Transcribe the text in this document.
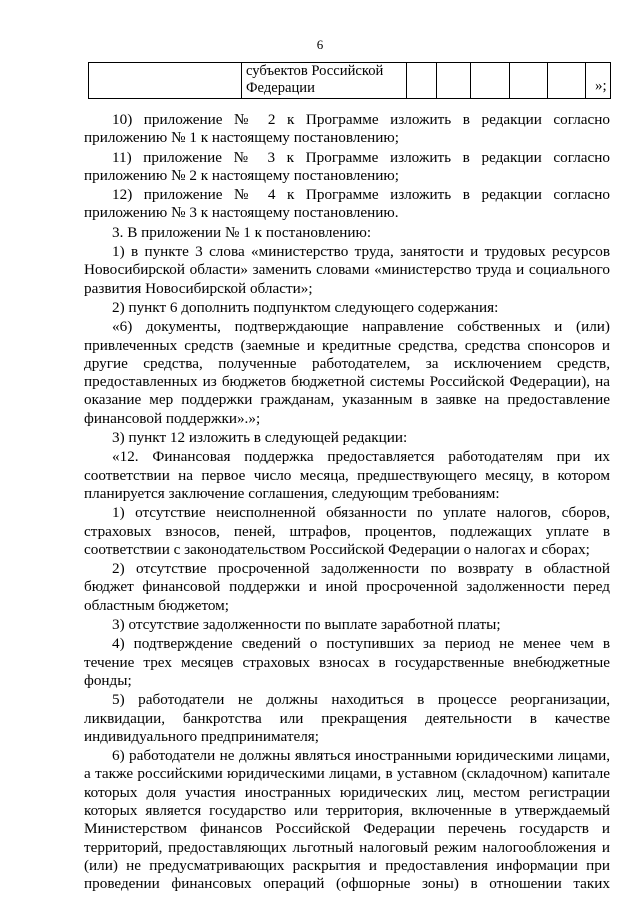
6
	субъектов Российской Федерации							»;

10) приложение № 2 к Программе изложить в редакции согласно приложению № 1 к настоящему постановлению;

11) приложение № 3 к Программе изложить в редакции согласно приложению № 2 к настоящему постановлению;

12) приложение № 4 к Программе изложить в редакции согласно приложению № 3 к настоящему постановлению.

3. В приложении № 1 к постановлению:

1) в пункте 3 слова «министерство труда, занятости и трудовых ресурсов Новосибирской области» заменить словами «министерство труда и социального развития Новосибирской области»;

2) пункт 6 дополнить подпунктом следующего содержания:

«6) документы, подтверждающие направление собственных и (или) привлеченных средств (заемные и кредитные средства, средства спонсоров и другие средства, полученные работодателем, за исключением средств, предоставленных из бюджетов бюджетной системы Российской Федерации), на оказание мер поддержки гражданам, указанным в заявке на предоставление финансовой поддержки».»;

3) пункт 12 изложить в следующей редакции:

«12. Финансовая поддержка предоставляется работодателям при их соответствии на первое число месяца, предшествующего месяцу, в котором планируется заключение соглашения, следующим требованиям:

1) отсутствие неисполненной обязанности по уплате налогов, сборов, страховых взносов, пеней, штрафов, процентов, подлежащих уплате в соответствии с законодательством Российской Федерации о налогах и сборах;

2) отсутствие просроченной задолженности по возврату в областной бюджет финансовой поддержки и иной просроченной задолженности перед областным бюджетом;

3) отсутствие задолженности по выплате заработной платы;

4) подтверждение сведений о поступивших за период не менее чем в течение трех месяцев страховых взносах в государственные внебюджетные фонды;

5) работодатели не должны находиться в процессе реорганизации, ликвидации, банкротства или прекращения деятельности в качестве индивидуального предпринимателя;

6) работодатели не должны являться иностранными юридическими лицами, а также российскими юридическими лицами, в уставном (складочном) капитале которых доля участия иностранных юридических лиц, местом регистрации которых является государство или территория, включенные в утверждаемый Министерством финансов Российской Федерации перечень государств и территорий, предоставляющих льготный налоговый режим налогообложения и (или) не предусматривающих раскрытия и предоставления информации при проведении финансовых операций (офшорные зоны) в отношении таких
